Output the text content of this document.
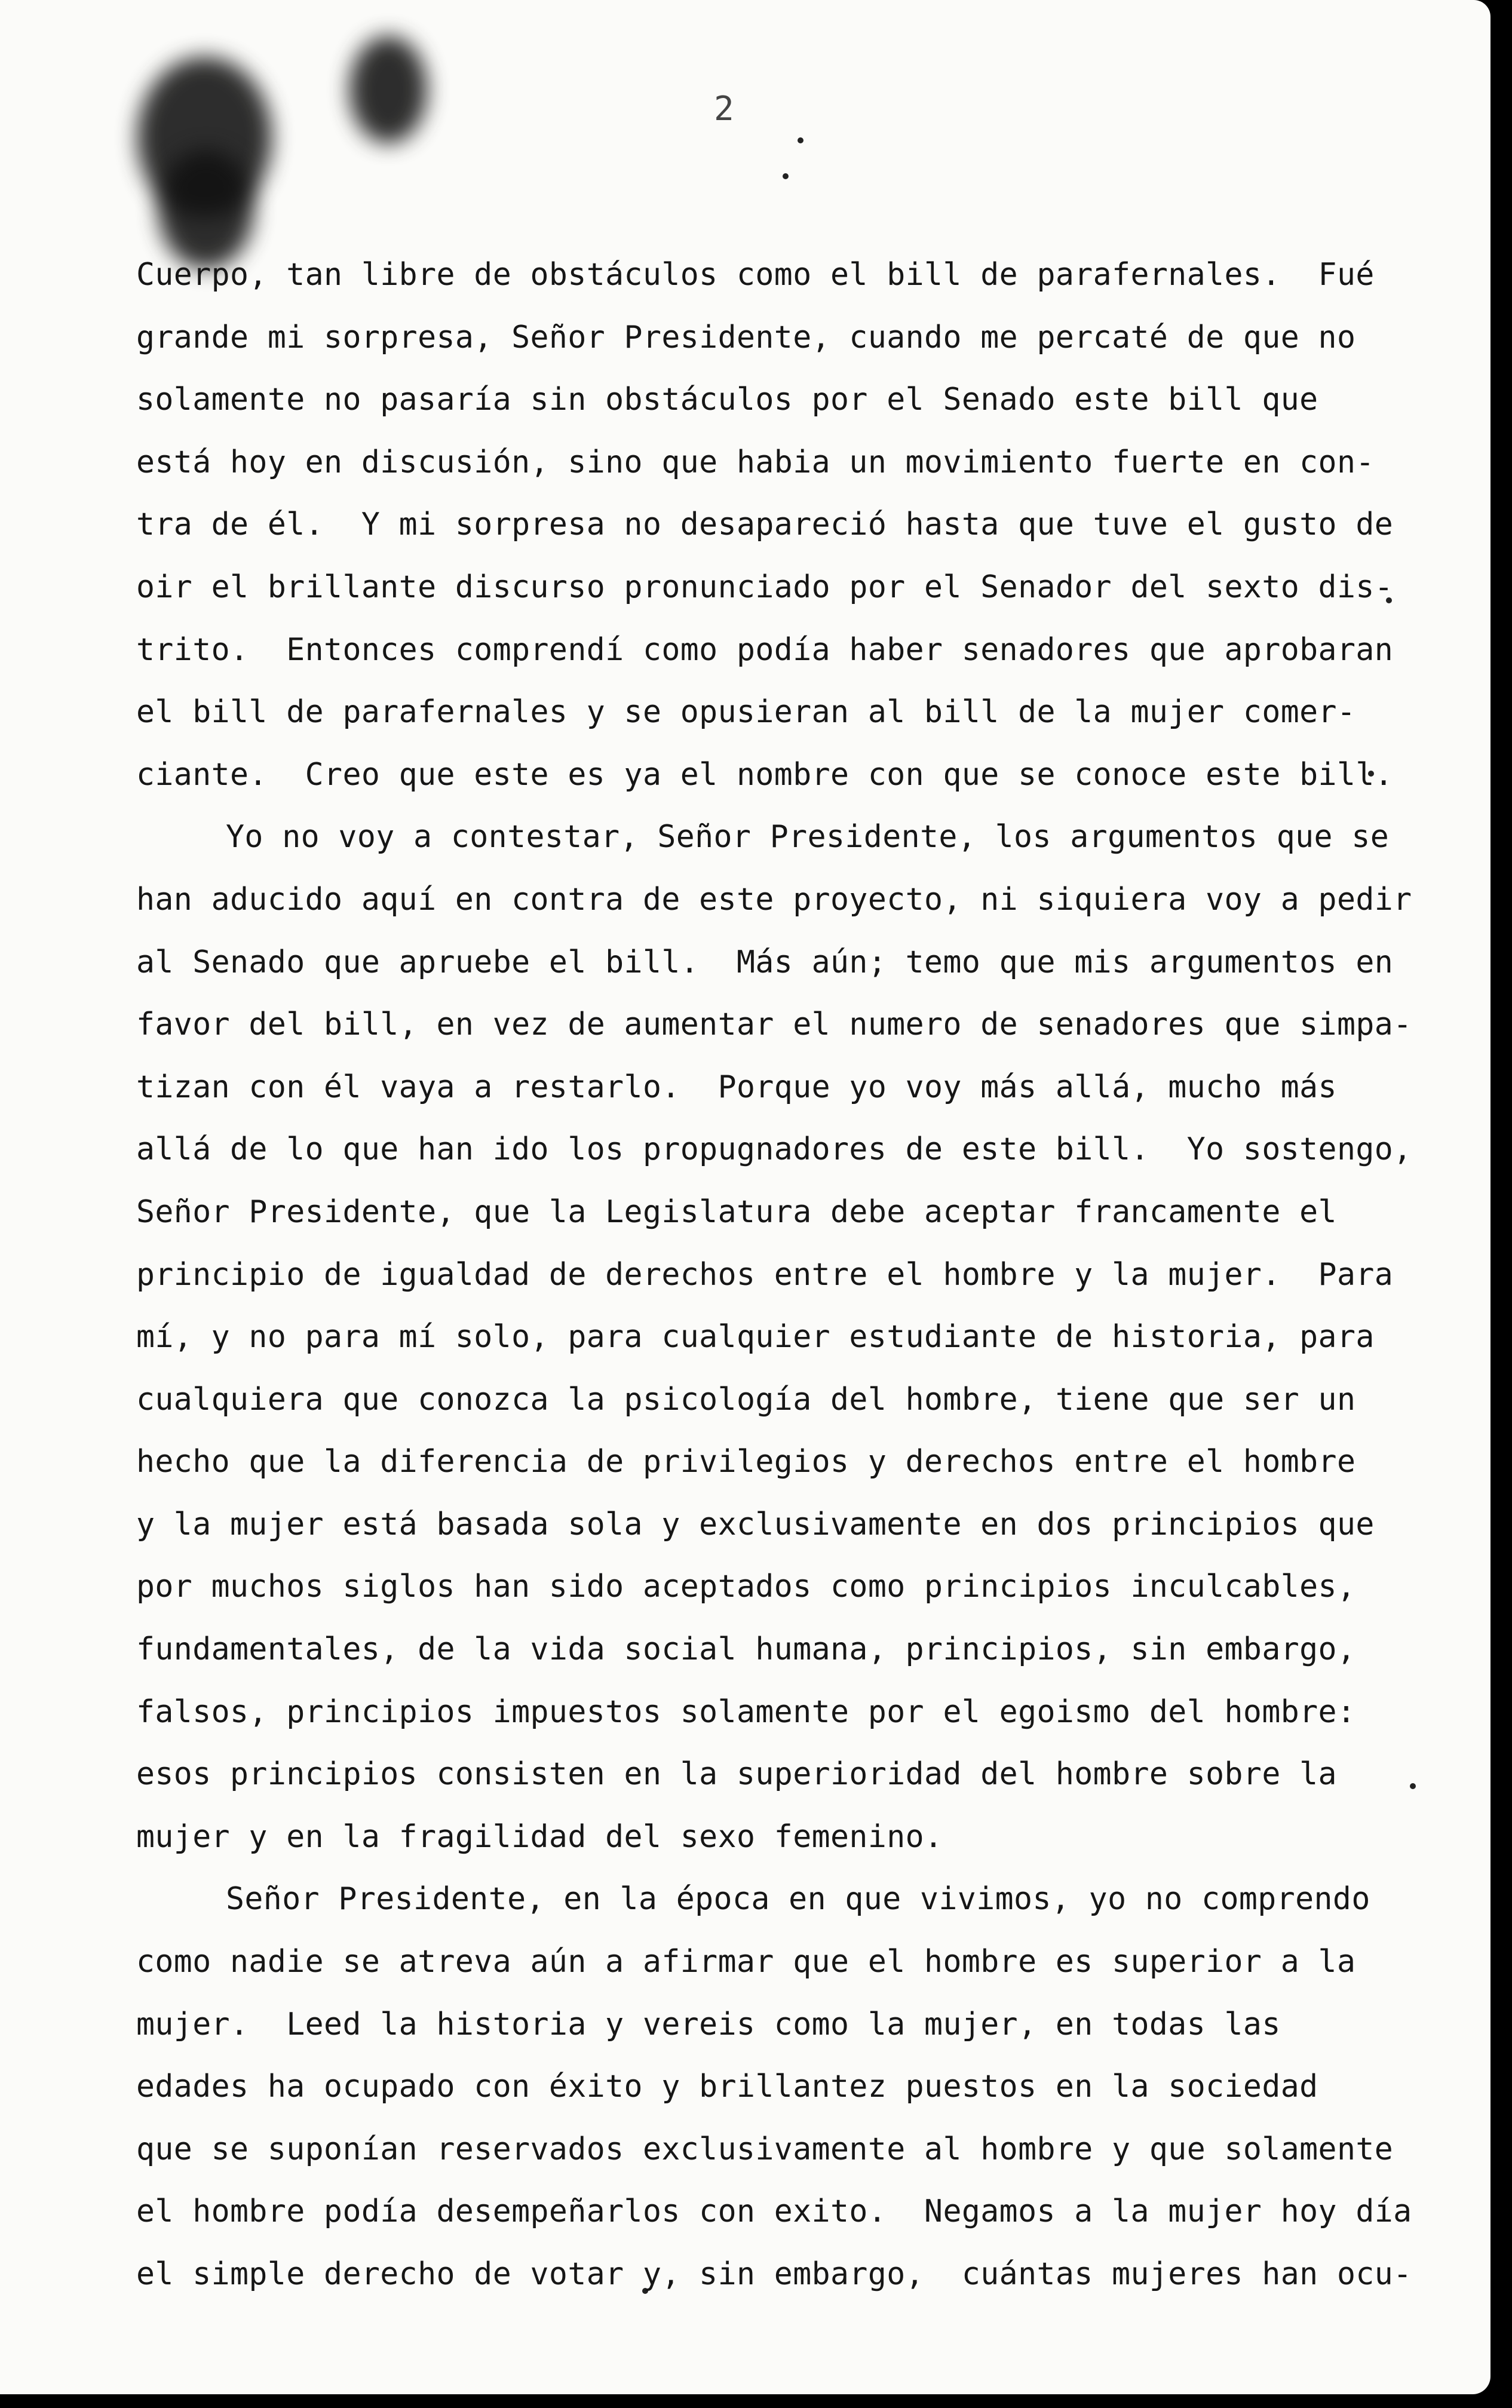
2
Cuerpo, tan libre de obstáculos como el bill de parafernales.  Fué
grande mi sorpresa, Señor Presidente, cuando me percaté de que no
solamente no pasaría sin obstáculos por el Senado este bill que
está hoy en discusión, sino que habia un movimiento fuerte en con-
tra de él.  Y mi sorpresa no desapareció hasta que tuve el gusto de
oir el brillante discurso pronunciado por el Senador del sexto dis-
trito.  Entonces comprendí como podía haber senadores que aprobaran
el bill de parafernales y se opusieran al bill de la mujer comer-
ciante.  Creo que este es ya el nombre con que se conoce este bill.
Yo no voy a contestar, Señor Presidente, los argumentos que se
han aducido aquí en contra de este proyecto, ni siquiera voy a pedir
al Senado que apruebe el bill.  Más aún; temo que mis argumentos en
favor del bill, en vez de aumentar el numero de senadores que simpa-
tizan con él vaya a restarlo.  Porque yo voy más allá, mucho más
allá de lo que han ido los propugnadores de este bill.  Yo sostengo,
Señor Presidente, que la Legislatura debe aceptar francamente el
principio de igualdad de derechos entre el hombre y la mujer.  Para
mí, y no para mí solo, para cualquier estudiante de historia, para
cualquiera que conozca la psicología del hombre, tiene que ser un
hecho que la diferencia de privilegios y derechos entre el hombre
y la mujer está basada sola y exclusivamente en dos principios que
por muchos siglos han sido aceptados como principios inculcables,
fundamentales, de la vida social humana, principios, sin embargo,
falsos, principios impuestos solamente por el egoismo del hombre:
esos principios consisten en la superioridad del hombre sobre la
mujer y en la fragilidad del sexo femenino.
Señor Presidente, en la época en que vivimos, yo no comprendo
como nadie se atreva aún a afirmar que el hombre es superior a la
mujer.  Leed la historia y vereis como la mujer, en todas las
edades ha ocupado con éxito y brillantez puestos en la sociedad
que se suponían reservados exclusivamente al hombre y que solamente
el hombre podía desempeñarlos con exito.  Negamos a la mujer hoy día
el simple derecho de votar y, sin embargo,  cuántas mujeres han ocu-
